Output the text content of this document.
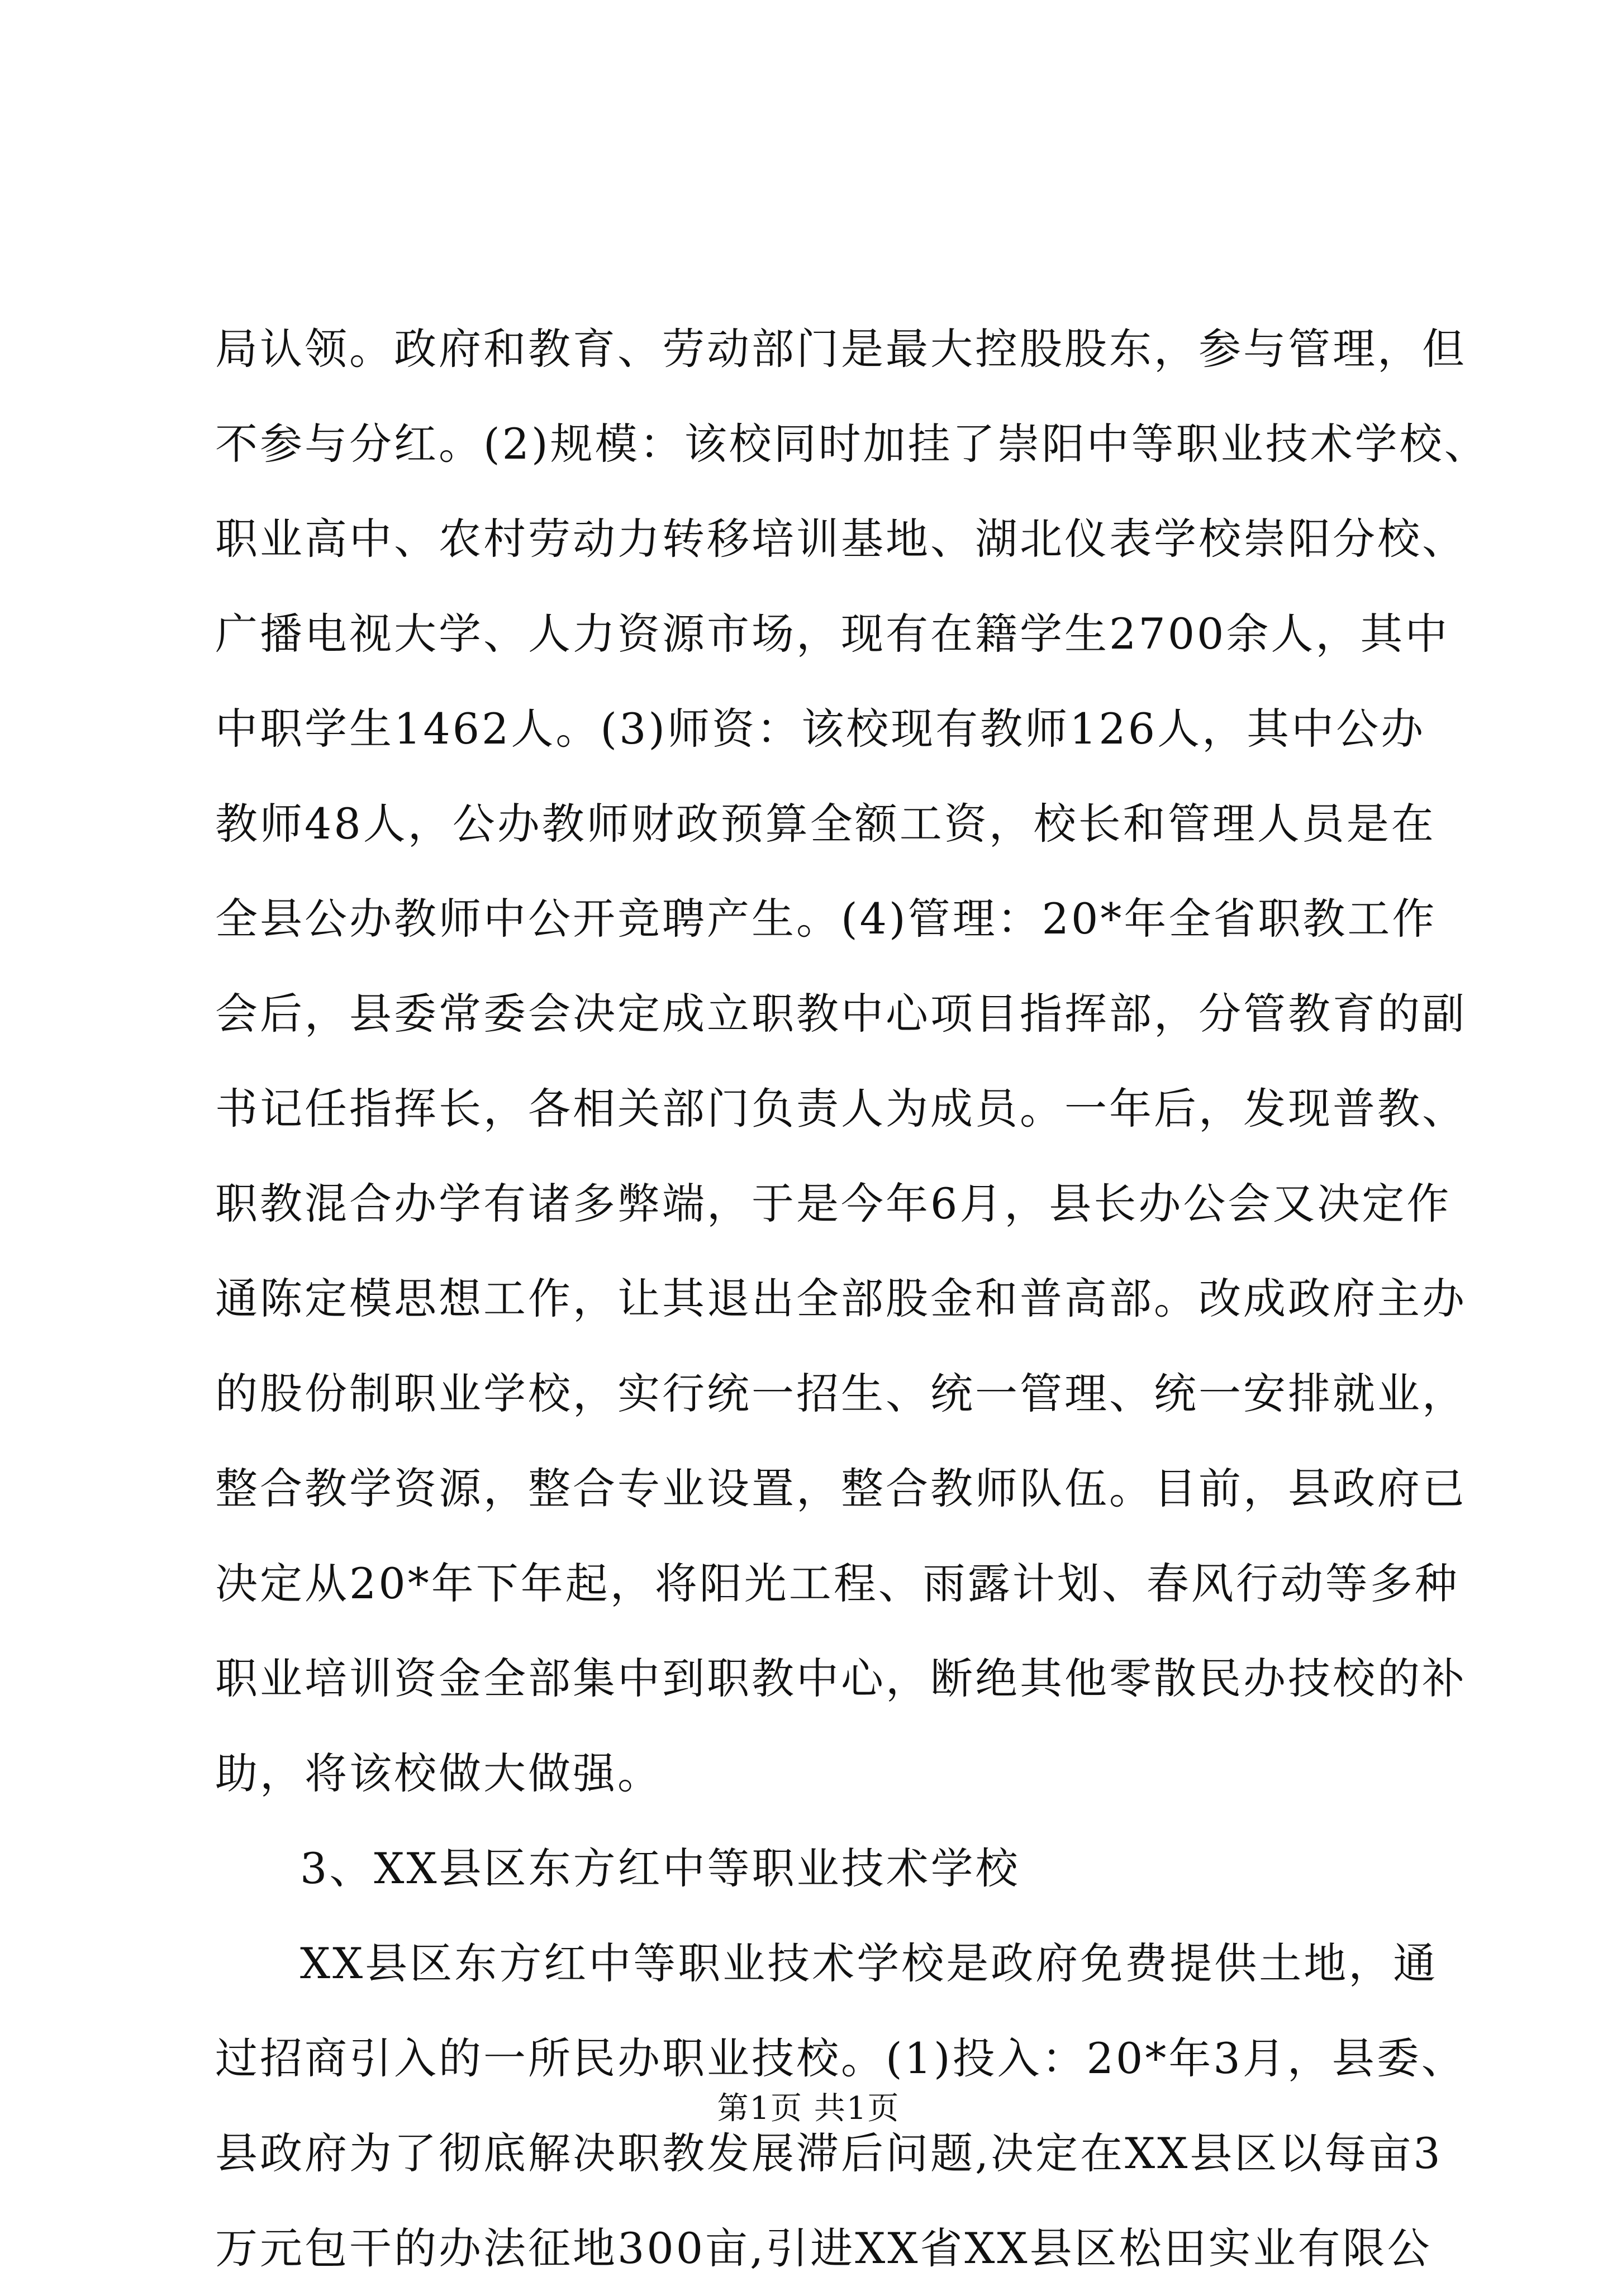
局认领。政府和教育、劳动部门是最大控股股东，参与管理，但
不参与分红。(2)规模：该校同时加挂了崇阳中等职业技术学校、
职业高中、农村劳动力转移培训基地、湖北仪表学校崇阳分校、
广播电视大学、人力资源市场，现有在籍学生2700余人，其中
中职学生1462人。(3)师资：该校现有教师126人，其中公办
教师48人，公办教师财政预算全额工资，校长和管理人员是在
全县公办教师中公开竞聘产生。(4)管理：20*年全省职教工作
会后，县委常委会决定成立职教中心项目指挥部，分管教育的副
书记任指挥长，各相关部门负责人为成员。一年后，发现普教、
职教混合办学有诸多弊端，于是今年6月，县长办公会又决定作
通陈定模思想工作，让其退出全部股金和普高部。改成政府主办
的股份制职业学校，实行统一招生、统一管理、统一安排就业，
整合教学资源，整合专业设置，整合教师队伍。目前，县政府已
决定从20*年下年起，将阳光工程、雨露计划、春风行动等多种
职业培训资金全部集中到职教中心，断绝其他零散民办技校的补
助，将该校做大做强。
3、XX县区东方红中等职业技术学校
XX县区东方红中等职业技术学校是政府免费提供土地，通
过招商引入的一所民办职业技校。(1)投入：20*年3月，县委、
县政府为了彻底解决职教发展滞后问题,决定在XX县区以每亩3
万元包干的办法征地300亩,引进XX省XX县区松田实业有限公
第1页 共1页
